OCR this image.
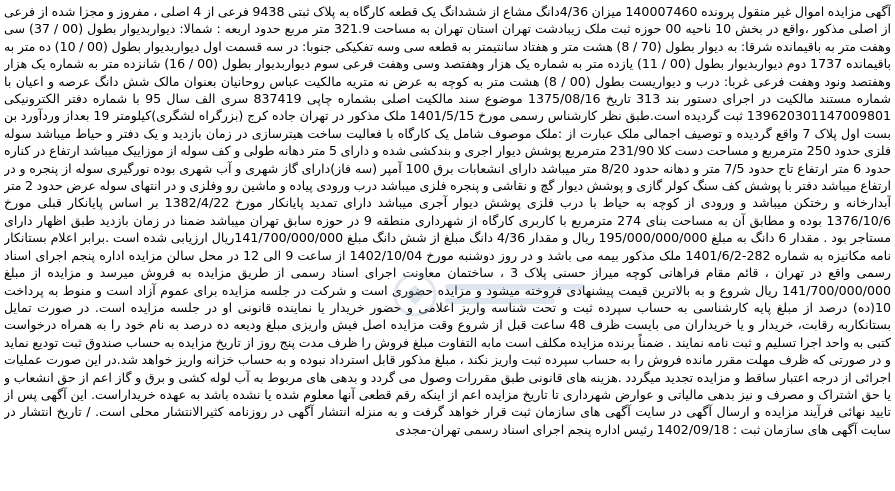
آگهی مزایده اموال غیر منقول پرونده 140007460 میزان 4/36دانگ مشاع از ششدانگ یک قطعه کارگاه به پلاک ثبتی 9438 فرعی از 4 اصلی ، مفروز و مجزا شده از فرعی از اصلی مذکور ،واقع در بخش 10 ناحیه 00 حوزه ثبت ملک زیبادشت تهران استان تهران به مساحت 321.9 متر مربع حدود اربعه : شمالا: دیواربدیوار بطول (00 / 37) سی وهفت متر به باقیمانده شرقا: به دیوار بطول (70 / 8) هشت متر و هفتاد سانتیمتر به قطعه سی وسه تفکیکی جنوبا: در سه قسمت اول دیواربدیوار بطول (00 / 10) ده متر به باقیمانده 1737 دوم دیواربدیوار بطول (00 / 11) یازده متر به شماره یک هزار وهفتصد وسی وهفت فرعی سوم دیواربدیوار بطول (00 / 16) شانزده متر به شماره یک هزار وهفتصد ونود وهفت فرعی غربا: درب و دیواریست بطول (00 / 8) هشت متر به کوچه به عرض نه متریه مالکیت عباس روحانیان بعنوان مالک شش دانگ عرصه و اعیان با شماره مستند مالکیت در اجرای دستور بند 313 تاریخ 1375/08/16 موضوع سند مالکیت اصلی بشماره چاپی 837419 سری الف سال 95 با شماره دفتر الکترونیکی 139620301147009801 ثبت گردیده است.طبق نظر کارشناس رسمی مورخ 1401/5/15 ملک مذکور در تهران جاده کرج (بزرگراه لشگری)کیلومتر 19 بعداز وردآورد بن بست اول پلاک 7 واقع گردیده و توصیف اجمالی ملک عبارت از :ملک موصوف شامل یک کارگاه با فعالیت ساخت هیترسازی در زمان بازدید و یک دفتر و حیاط میباشد سوله فلزی حدود 250 مترمربع و مساحت دست کلا 231/90 مترمربع پوشش دیوار اجری و بندکشی شده و دارای 5 متر دهانه طولی و کف سوله از موزاییک میباشد ارتفاع در کناره حدود 6 متر ارتفاع تاج حدود 7/5 متر و دهانه حدود 8/20 متر میباشد دارای انشعابات برق 100 آمپر (سه فاز)دارای گاز شهری و آب شهری بوده نورگیری سوله از پنجره و در ارتفاع میباشد دفتر با پوشش کف سنگ کولر گازی و پوشش دیوار گچ و نقاشی و پنجره فلزی میباشد درب ورودی پیاده و ماشین رو وفلزی و در انتهای سوله عرض حدود 2 متر آبدارخانه و رختکن میباشد و ورودی از کوچه به حیاط با درب فلزی پوشش دیوار آجری میباشد دارای تمدید پایانکار مورخ 1382/4/22 بر اساس پایانکار قبلی مورخ 1376/10/6 بوده و مطابق آن به مساحت بنای 274 مترمربع با کاربری کارگاه از شهرداری منطقه 9 در حوزه سابق تهران میباشد ضمنا در زمان بازدید طبق اظهار دارای مستاجر بود . مقدار 6 دانگ به مبلغ 195/000/000/000 ریال و مقدار 4/36 دانگ مبلغ از شش دانگ مبلغ 141/700/000/000ریال ارزیابی شده است .برابر اعلام بستانکار نامه مکانیزه به شماره 282-1401/6/2 ملک مذکور بیمه می باشد و در روز دوشنبه مورخ 1402/10/04 از ساعت 9 الی 12 در محل سالن مزایده اداره پنجم اجرای اسناد رسمی واقع در تهران ، قائم مقام فراهانی کوچه میراز حسنی پلاک 3 ، ساختمان معاونت اجرای اسناد رسمی از طریق مزایده به فروش میرسد و مزایده از مبلغ 141/700/000/000 ریال شروع و به بالاترین قیمت پیشنهادی فروخته میشود و مزایده حضوری است و شرکت در جلسه مزایده برای عموم آزاد است و منوط به پرداخت 10(ده) درصد از مبلغ پایه کارشناسی به حساب سپرده ثبت و تحت شناسه واریز اعلامی و حضور خریدار یا نماینده قانونی او در جلسه مزایده است. در صورت تمایل بستانکاربه رقابت، خریدار و یا خریداران می بایست ظرف 48 ساعت قبل از شروع وقت مزایده اصل فیش واریزی مبلغ ودیعه ده درصد به نام خود را به همراه درخواست کتبی به واحد اجرا تسلیم و ثبت نامه نمایند . ضمناً برنده مزایده مکلف است مابه التفاوت مبلغ فروش را ظرف مدت پنج روز از تاریخ مزایده به حساب صندوق ثبت تودیع نماید و در صورتی که ظرف مهلت مقرر مانده فروش را به حساب سپرده ثبت واریز نکند ، مبلغ مذکور قابل استرداد نبوده و به حساب خزانه واریز خواهد شد.در این صورت عملیات اجرائی از درجه اعتبار ساقط و مزایده تجدید میگردد .هزینه های قانونی طبق مقررات وصول می گردد و بدهی های مربوط به آب لوله کشی و برق و گاز اعم از حق انشعاب و یا حق اشتراک و مصرف و نیز بدهی مالیاتی و عوارض شهرداری تا تاریخ مزایده اعم از اینکه رقم قطعی آنها معلوم شده یا نشده باشد به عهده خریداراست. این آگهی پس از تایید نهائی فرآیند مزایده و ارسال آگهی در سایت آگهی های سازمان ثبت قرار خواهد گرفت و به منزله انتشار آگهی در روزنامه کثیرالانتشار محلی است. / تاریخ انتشار در سایت آگهی های سازمان ثبت : 1402/09/18 رئیس اداره پنجم اجرای اسناد رسمی تهران-مجدی
